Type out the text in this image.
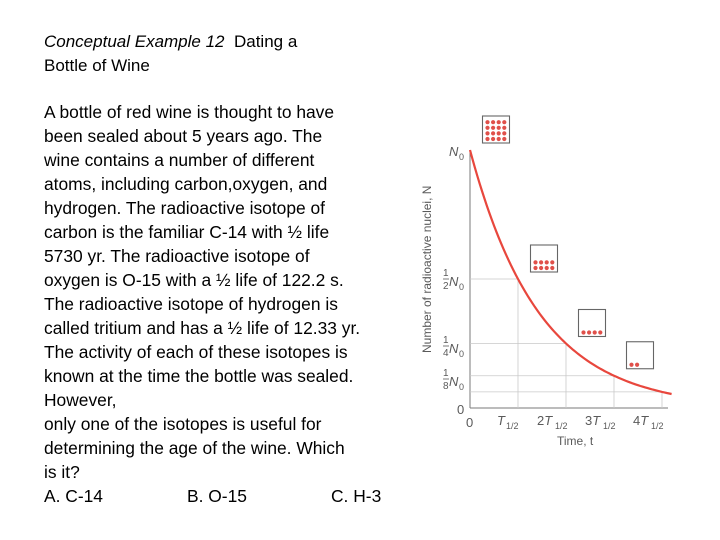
Conceptual Example 12 Dating a
Bottle of Wine
A bottle of red wine is thought to have
been sealed about 5 years ago. The
wine contains a number of different
atoms, including carbon,oxygen, and
hydrogen. The radioactive isotope of
carbon is the familiar C-14 with ½ life
5730 yr. The radioactive isotope of
oxygen is O-15 with a ½ life of 122.2 s.
The radioactive isotope of hydrogen is
called tritium and has a ½ life of 12.33 yr.
The activity of each of these isotopes is
known at the time the bottle was sealed.
However,
only one of the isotopes is useful for
determining the age of the wine. Which
is it?
A. C-14	B. O-15	C. H-3
Number of radioactive nuclei, N
0
1
8 N 0
1
4 N 0
1
2 N 0
N 0
0 T 1/2 2T 1/2 3T 1/2 4T 1/2
Time, t
